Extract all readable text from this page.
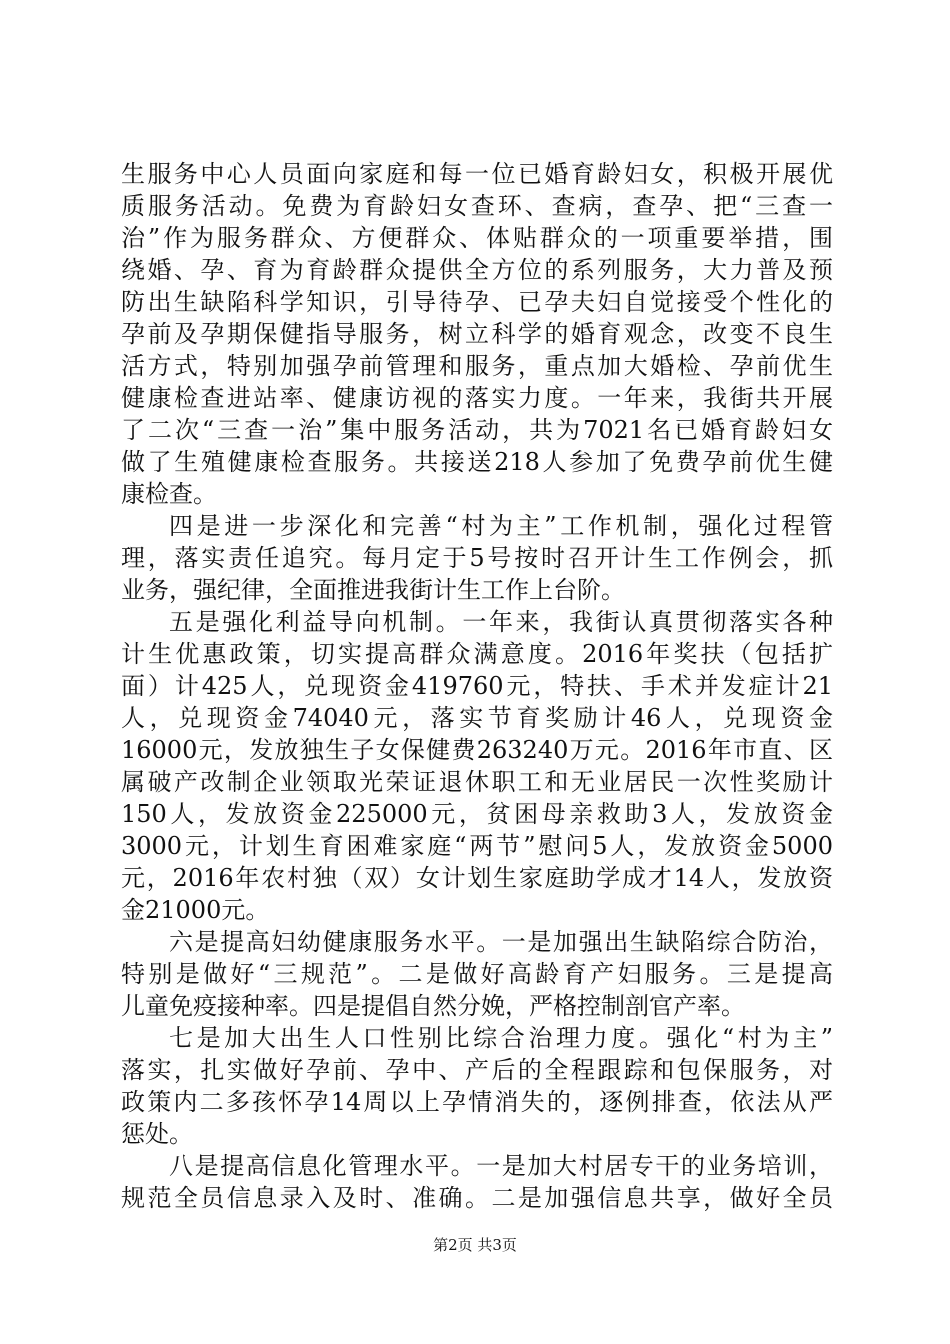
生服务中心人员面向家庭和每一位已婚育龄妇女，积极开展优
质服务活动。免费为育龄妇女查环、查病，查孕、把“三查一
治”作为服务群众、方便群众、体贴群众的一项重要举措，围
绕婚、孕、育为育龄群众提供全方位的系列服务，大力普及预
防出生缺陷科学知识，引导待孕、已孕夫妇自觉接受个性化的
孕前及孕期保健指导服务，树立科学的婚育观念，改变不良生
活方式，特别加强孕前管理和服务，重点加大婚检、孕前优生
健康检查进站率、健康访视的落实力度。一年来，我街共开展
了二次“三查一治”集中服务活动，共为7021名已婚育龄妇女
做了生殖健康检查服务。共接送218人参加了免费孕前优生健
康检查。
四是进一步深化和完善“村为主”工作机制，强化过程管
理，落实责任追究。每月定于5号按时召开计生工作例会，抓
业务，强纪律，全面推进我街计生工作上台阶。
五是强化利益导向机制。一年来，我街认真贯彻落实各种
计生优惠政策，切实提高群众满意度。2016年奖扶（包括扩
面）计425人，兑现资金419760元，特扶、手术并发症计21
人，兑现资金74040元，落实节育奖励计46人，兑现资金
16000元，发放独生子女保健费263240万元。2016年市直、区
属破产改制企业领取光荣证退休职工和无业居民一次性奖励计
150人，发放资金225000元，贫困母亲救助3人，发放资金
3000元，计划生育困难家庭“两节”慰问5人，发放资金5000
元，2016年农村独（双）女计划生家庭助学成才14人，发放资
金21000元。
六是提高妇幼健康服务水平。一是加强出生缺陷综合防治，
特别是做好“三规范”。二是做好高龄育产妇服务。三是提高
儿童免疫接种率。四是提倡自然分娩，严格控制剖官产率。
七是加大出生人口性别比综合治理力度。强化“村为主”
落实，扎实做好孕前、孕中、产后的全程跟踪和包保服务，对
政策内二多孩怀孕14周以上孕情消失的，逐例排查，依法从严
惩处。
八是提高信息化管理水平。一是加大村居专干的业务培训，
规范全员信息录入及时、准确。二是加强信息共享，做好全员
第2页 共3页
